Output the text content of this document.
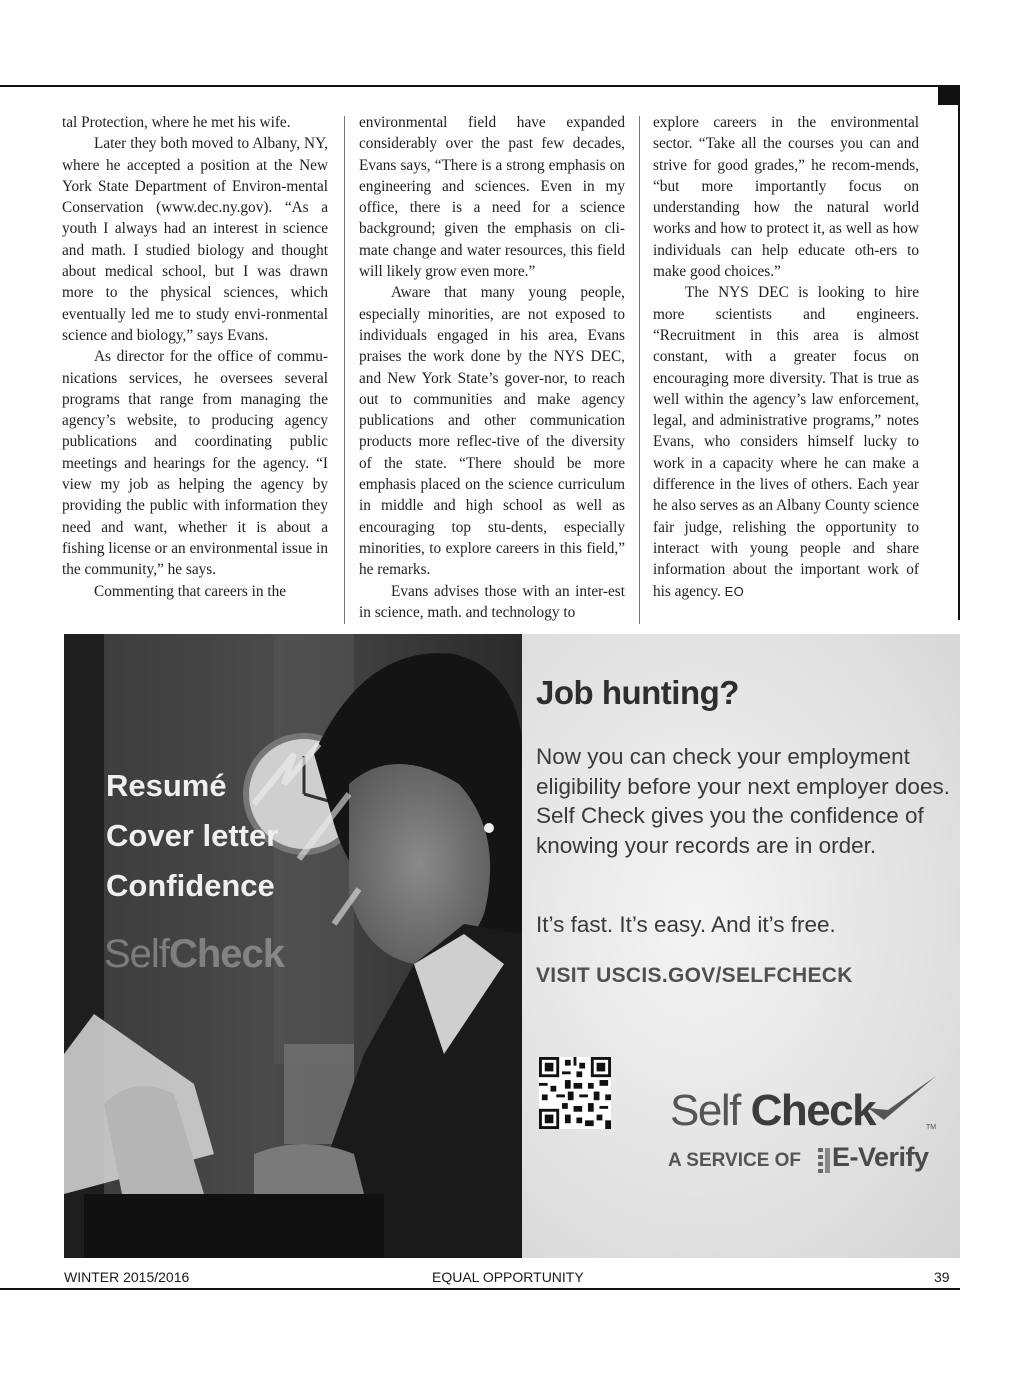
tal Protection, where he met his wife.

Later they both moved to Albany, NY, where he accepted a position at the New York State Department of Environ-mental Conservation (www.dec.ny.gov). “As a youth I always had an interest in science and math. I studied biology and thought about medical school, but I was drawn more to the physical sciences, which eventually led me to study envi-ronmental science and biology,” says Evans.

As director for the office of commu-nications services, he oversees several programs that range from managing the agency’s website, to producing agency publications and coordinating public meetings and hearings for the agency. “I view my job as helping the agency by providing the public with information they need and want, whether it is about a fishing license or an environmental issue in the community,” he says.

Commenting that careers in the

environmental field have expanded considerably over the past few decades, Evans says, “There is a strong emphasis on engineering and sciences. Even in my office, there is a need for a science background; given the emphasis on cli-mate change and water resources, this field will likely grow even more.”

Aware that many young people, especially minorities, are not exposed to individuals engaged in his area, Evans praises the work done by the NYS DEC, and New York State’s gover-nor, to reach out to communities and make agency publications and other communication products more reflec-tive of the diversity of the state. “There should be more emphasis placed on the science curriculum in middle and high school as well as encouraging top stu-dents, especially minorities, to explore careers in this field,” he remarks.

Evans advises those with an inter-est in science, math. and technology to

explore careers in the environmental sector. “Take all the courses you can and strive for good grades,” he recom-mends, “but more importantly focus on understanding how the natural world works and how to protect it, as well as how individuals can help educate oth-ers to make good choices.”

The NYS DEC is looking to hire more scientists and engineers. “Recruitment in this area is almost constant, with a greater focus on encouraging more diversity. That is true as well within the agency’s law enforcement, legal, and administrative programs,” notes Evans, who considers himself lucky to work in a capacity where he can make a difference in the lives of others. Each year he also serves as an Albany County science fair judge, relishing the opportunity to interact with young people and share information about the important work of his agency. EO

Resumé
Cover letter
Confidence
SelfCheck
Job hunting?
Now you can check your employment eligibility before your next employer does. Self Check gives you the confidence of knowing your records are in order.
It’s fast. It’s easy. And it’s free.
VISIT USCIS.GOV/SELFCHECK
Self Check	TM
A SERVICE OF E-Verify
WINTER 2015/2016	EQUAL OPPORTUNITY	39
